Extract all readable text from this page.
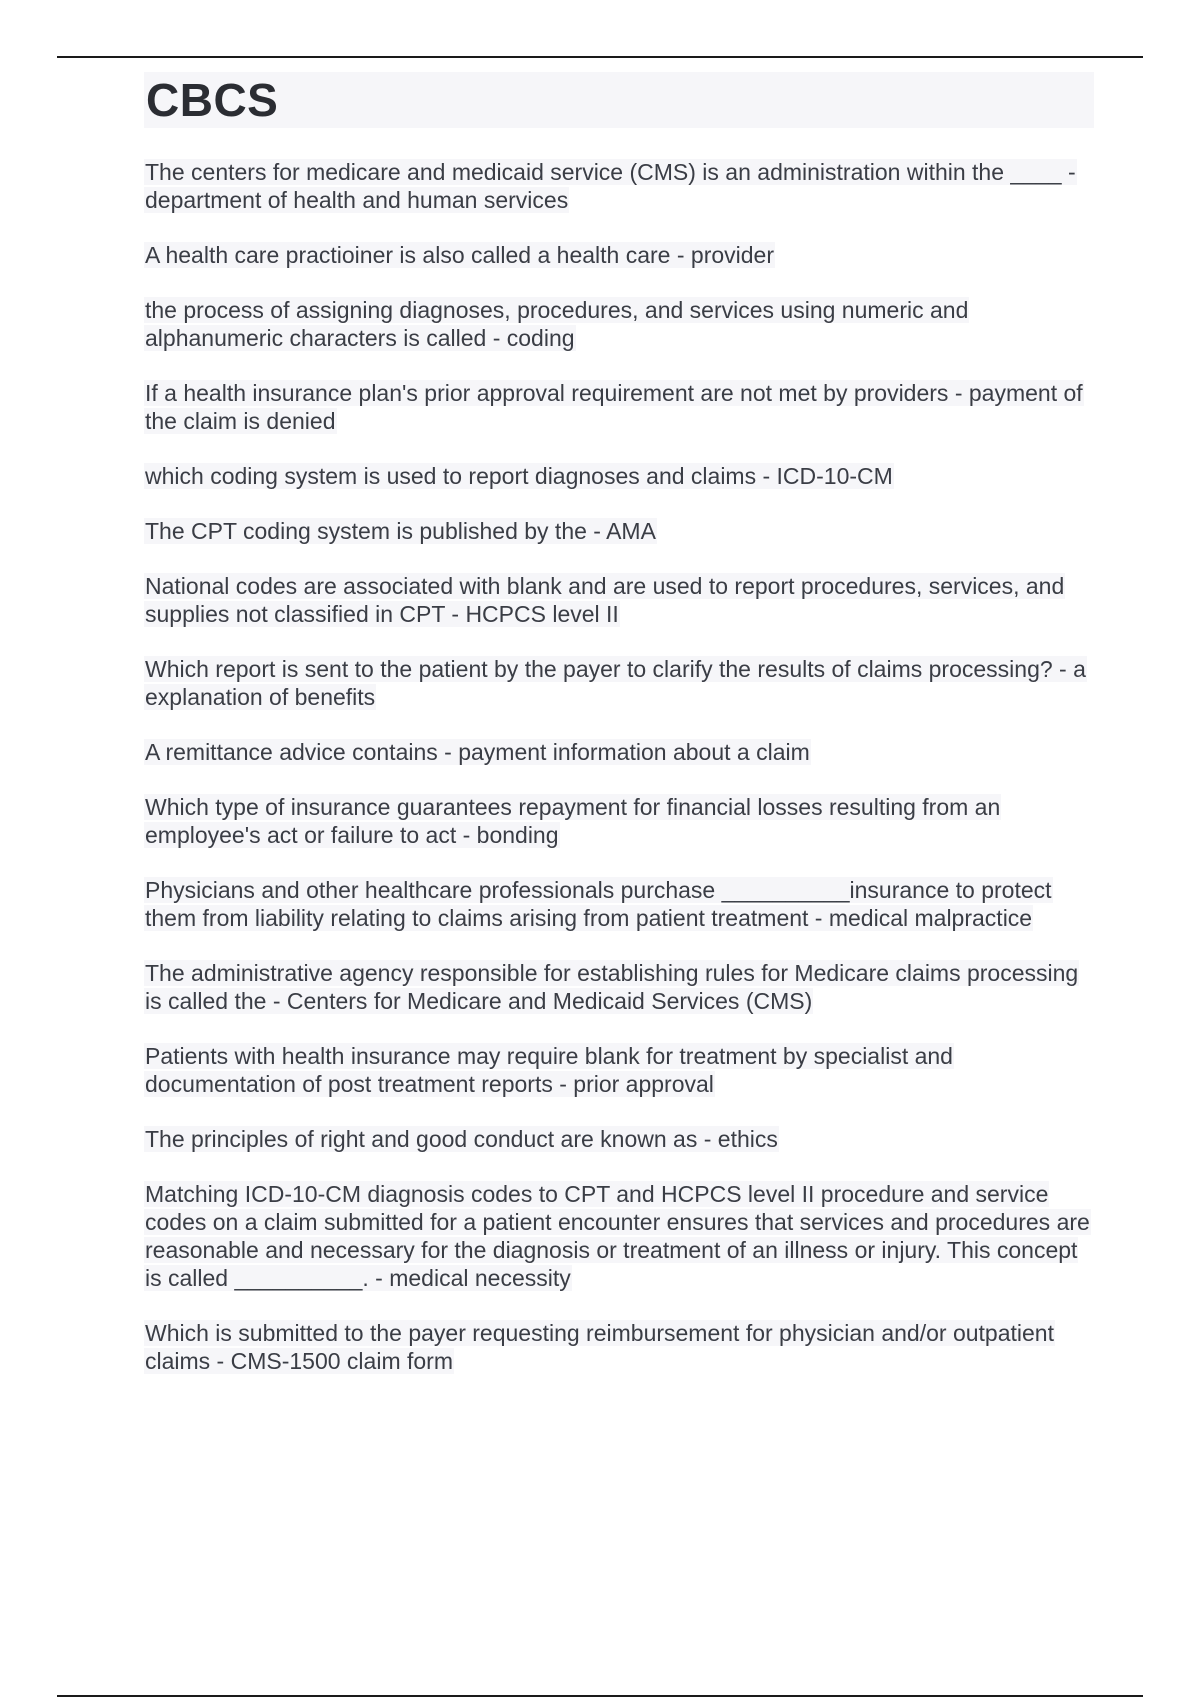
CBCS
The centers for medicare and medicaid service (CMS) is an administration within the ____ - department of health and human services
A health care practioiner is also called a health care - provider
the process of assigning diagnoses, procedures, and services using numeric and alphanumeric characters is called - coding
If a health insurance plan's prior approval requirement are not met by providers - payment of the claim is denied
which coding system is used to report diagnoses and claims - ICD-10-CM
The CPT coding system is published by the - AMA
National codes are associated with blank and are used to report procedures, services, and supplies not classified in CPT - HCPCS level II
Which report is sent to the patient by the payer to clarify the results of claims processing? - a explanation of benefits
A remittance advice contains - payment information about a claim
Which type of insurance guarantees repayment for financial losses resulting from an employee's act or failure to act - bonding
Physicians and other healthcare professionals purchase __________insurance to protect them from liability relating to claims arising from patient treatment - medical malpractice
The administrative agency responsible for establishing rules for Medicare claims processing is called the - Centers for Medicare and Medicaid Services (CMS)
Patients with health insurance may require blank for treatment by specialist and documentation of post treatment reports - prior approval
The principles of right and good conduct are known as - ethics
Matching ICD-10-CM diagnosis codes to CPT and HCPCS level II procedure and service codes on a claim submitted for a patient encounter ensures that services and procedures are reasonable and necessary for the diagnosis or treatment of an illness or injury. This concept is called __________. - medical necessity
Which is submitted to the payer requesting reimbursement for physician and/or outpatient claims - CMS-1500 claim form
